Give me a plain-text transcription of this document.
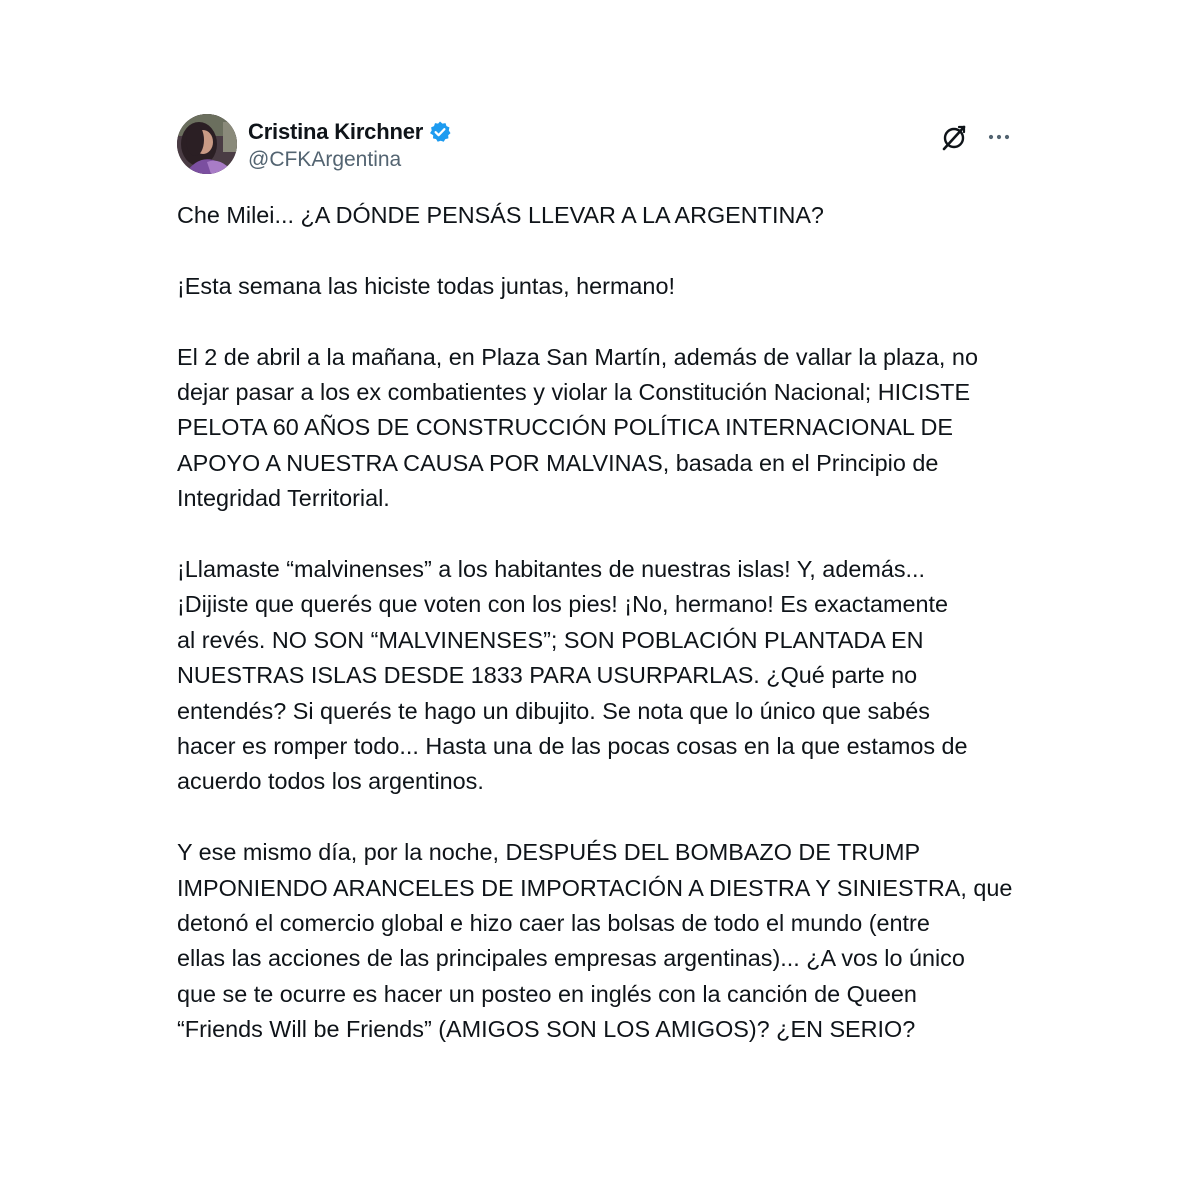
Cristina Kirchner
@CFKArgentina

Che Milei... ¿A DÓNDE PENSÁS LLEVAR A LA ARGENTINA?

¡Esta semana las hiciste todas juntas, hermano!

El 2 de abril a la mañana, en Plaza San Martín, además de vallar la plaza, no
dejar pasar a los ex combatientes y violar la Constitución Nacional; HICISTE
PELOTA 60 AÑOS DE CONSTRUCCIÓN POLÍTICA INTERNACIONAL DE
APOYO A NUESTRA CAUSA POR MALVINAS, basada en el Principio de
Integridad Territorial.

¡Llamaste “malvinenses” a los habitantes de nuestras islas! Y, además...
¡Dijiste que querés que voten con los pies! ¡No, hermano! Es exactamente
al revés. NO SON “MALVINENSES”; SON POBLACIÓN PLANTADA EN
NUESTRAS ISLAS DESDE 1833 PARA USURPARLAS. ¿Qué parte no
entendés? Si querés te hago un dibujito. Se nota que lo único que sabés
hacer es romper todo... Hasta una de las pocas cosas en la que estamos de
acuerdo todos los argentinos.

Y ese mismo día, por la noche, DESPUÉS DEL BOMBAZO DE TRUMP
IMPONIENDO ARANCELES DE IMPORTACIÓN A DIESTRA Y SINIESTRA, que
detonó el comercio global e hizo caer las bolsas de todo el mundo (entre
ellas las acciones de las principales empresas argentinas)... ¿A vos lo único
que se te ocurre es hacer un posteo en inglés con la canción de Queen
“Friends Will be Friends” (AMIGOS SON LOS AMIGOS)? ¿EN SERIO?
